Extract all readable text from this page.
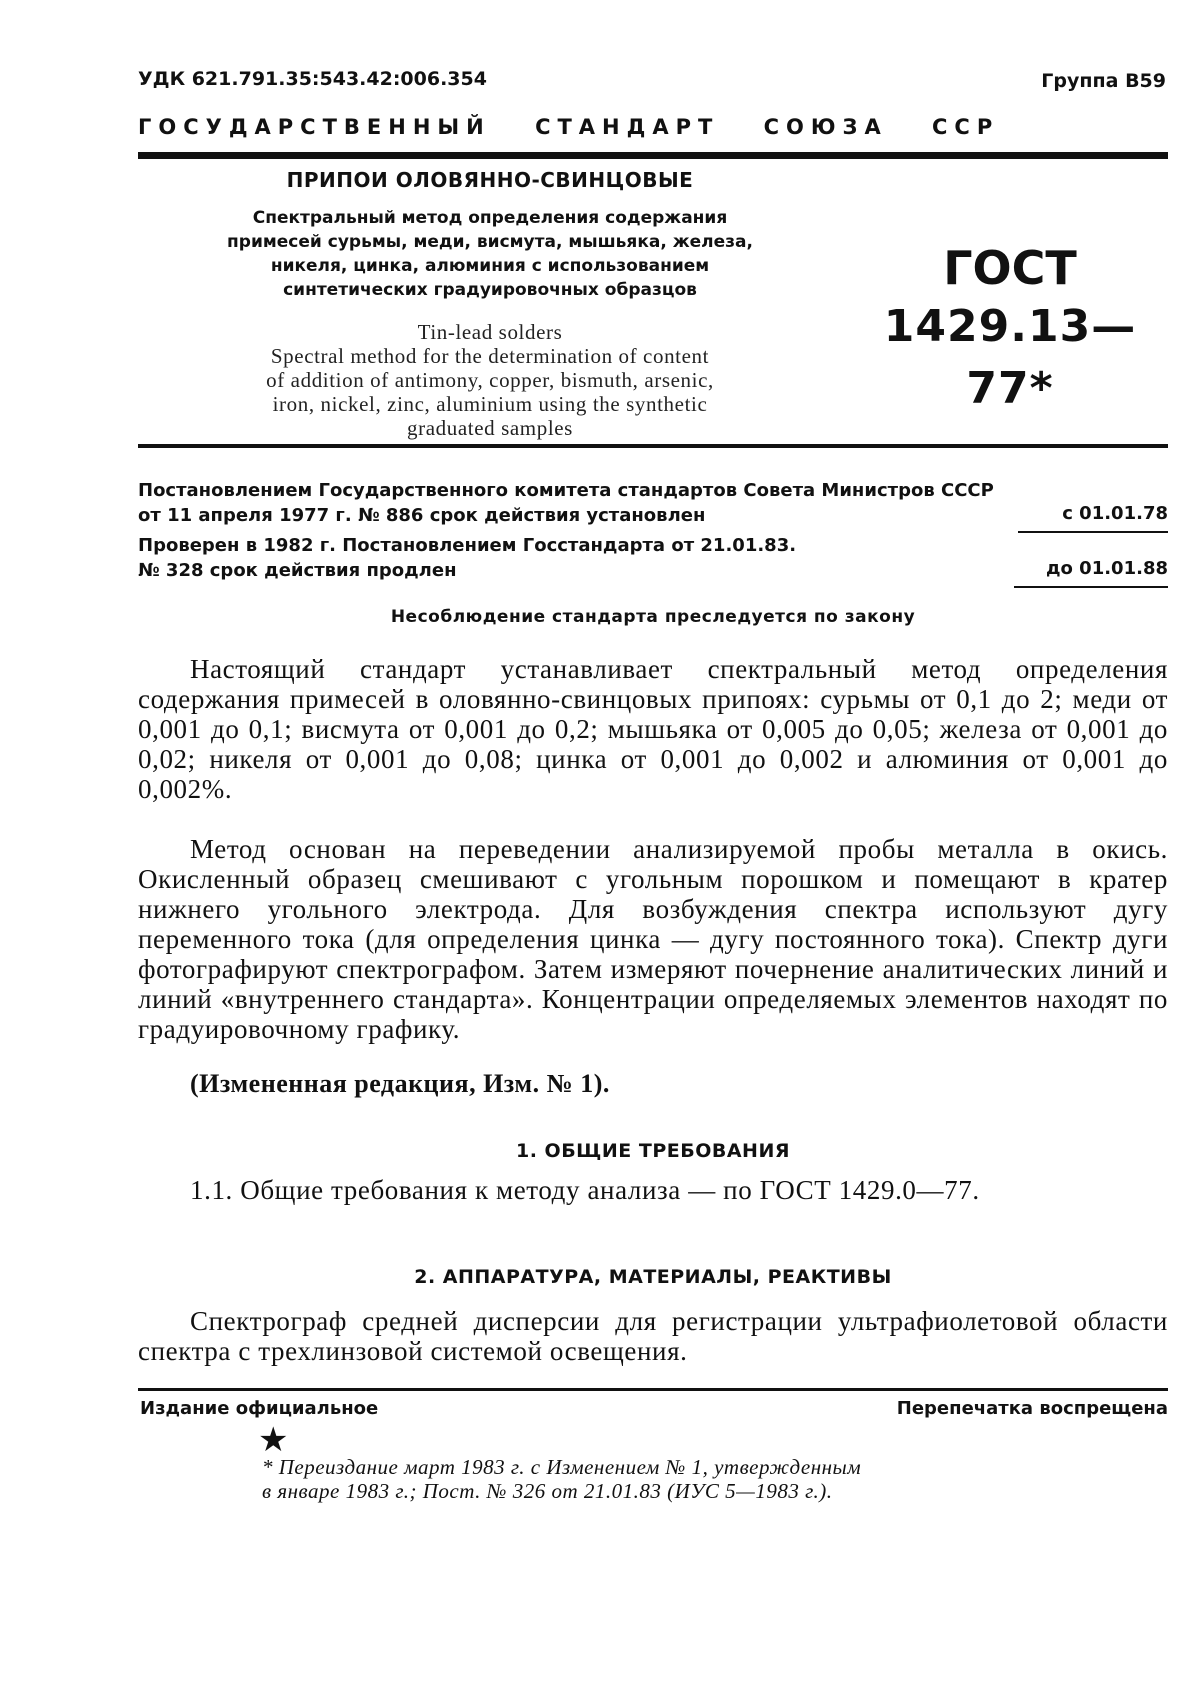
УДК 621.791.35:543.42:006.354	Группа В59
ГОСУДАРСТВЕННЫЙ СТАНДАРТ СОЮЗА ССР
ПРИПОИ ОЛОВЯННО-СВИНЦОВЫЕ
Спектральный метод определения содержания
примесей сурьмы, меди, висмута, мышьяка, железа,
никеля, цинка, алюминия с использованием
синтетических градуировочных образцов
Tin-lead solders
Spectral method for the determination of content
of addition of antimony, copper, bismuth, arsenic,
iron, nickel, zinc, aluminium using the synthetic
graduated samples
ГОСТ
1429.13—77*
Постановлением Государственного комитета стандартов Совета Министров СССР
от 11 апреля 1977 г. № 886 срок действия установлен	с 01.01.78
Проверен в 1982 г. Постановлением Госстандарта от 21.01.83.
№ 328 срок действия продлен	до 01.01.88
Несоблюдение стандарта преследуется по закону
Настоящий стандарт устанавливает спектральный метод определения содержания примесей в оловянно-свинцовых припоях: сурьмы от 0,1 до 2; меди от 0,001 до 0,1; висмута от 0,001 до 0,2; мышьяка от 0,005 до 0,05; железа от 0,001 до 0,02; никеля от 0,001 до 0,08; цинка от 0,001 до 0,002 и алюминия от 0,001 до 0,002%.
Метод основан на переведении анализируемой пробы металла в окись. Окисленный образец смешивают с угольным порошком и помещают в кратер нижнего угольного электрода. Для возбуждения спектра используют дугу переменного тока (для определения цинка — дугу постоянного тока). Спектр дуги фотографируют спектрографом. Затем измеряют почернение аналитических линий и линий «внутреннего стандарта». Концентрации определяемых элементов находят по градуировочному графику.
(Измененная редакция, Изм. № 1).
1. ОБЩИЕ ТРЕБОВАНИЯ
1.1. Общие требования к методу анализа — по ГОСТ 1429.0—77.
2. АППАРАТУРА, МАТЕРИАЛЫ, РЕАКТИВЫ
Спектрограф средней дисперсии для регистрации ультрафиолетовой области спектра с трехлинзовой системой освещения.
Издание официальное	Перепечатка воспрещена
★
* Переиздание март 1983 г. с Изменением № 1, утвержденным
в январе 1983 г.; Пост. № 326 от 21.01.83 (ИУС 5—1983 г.).
